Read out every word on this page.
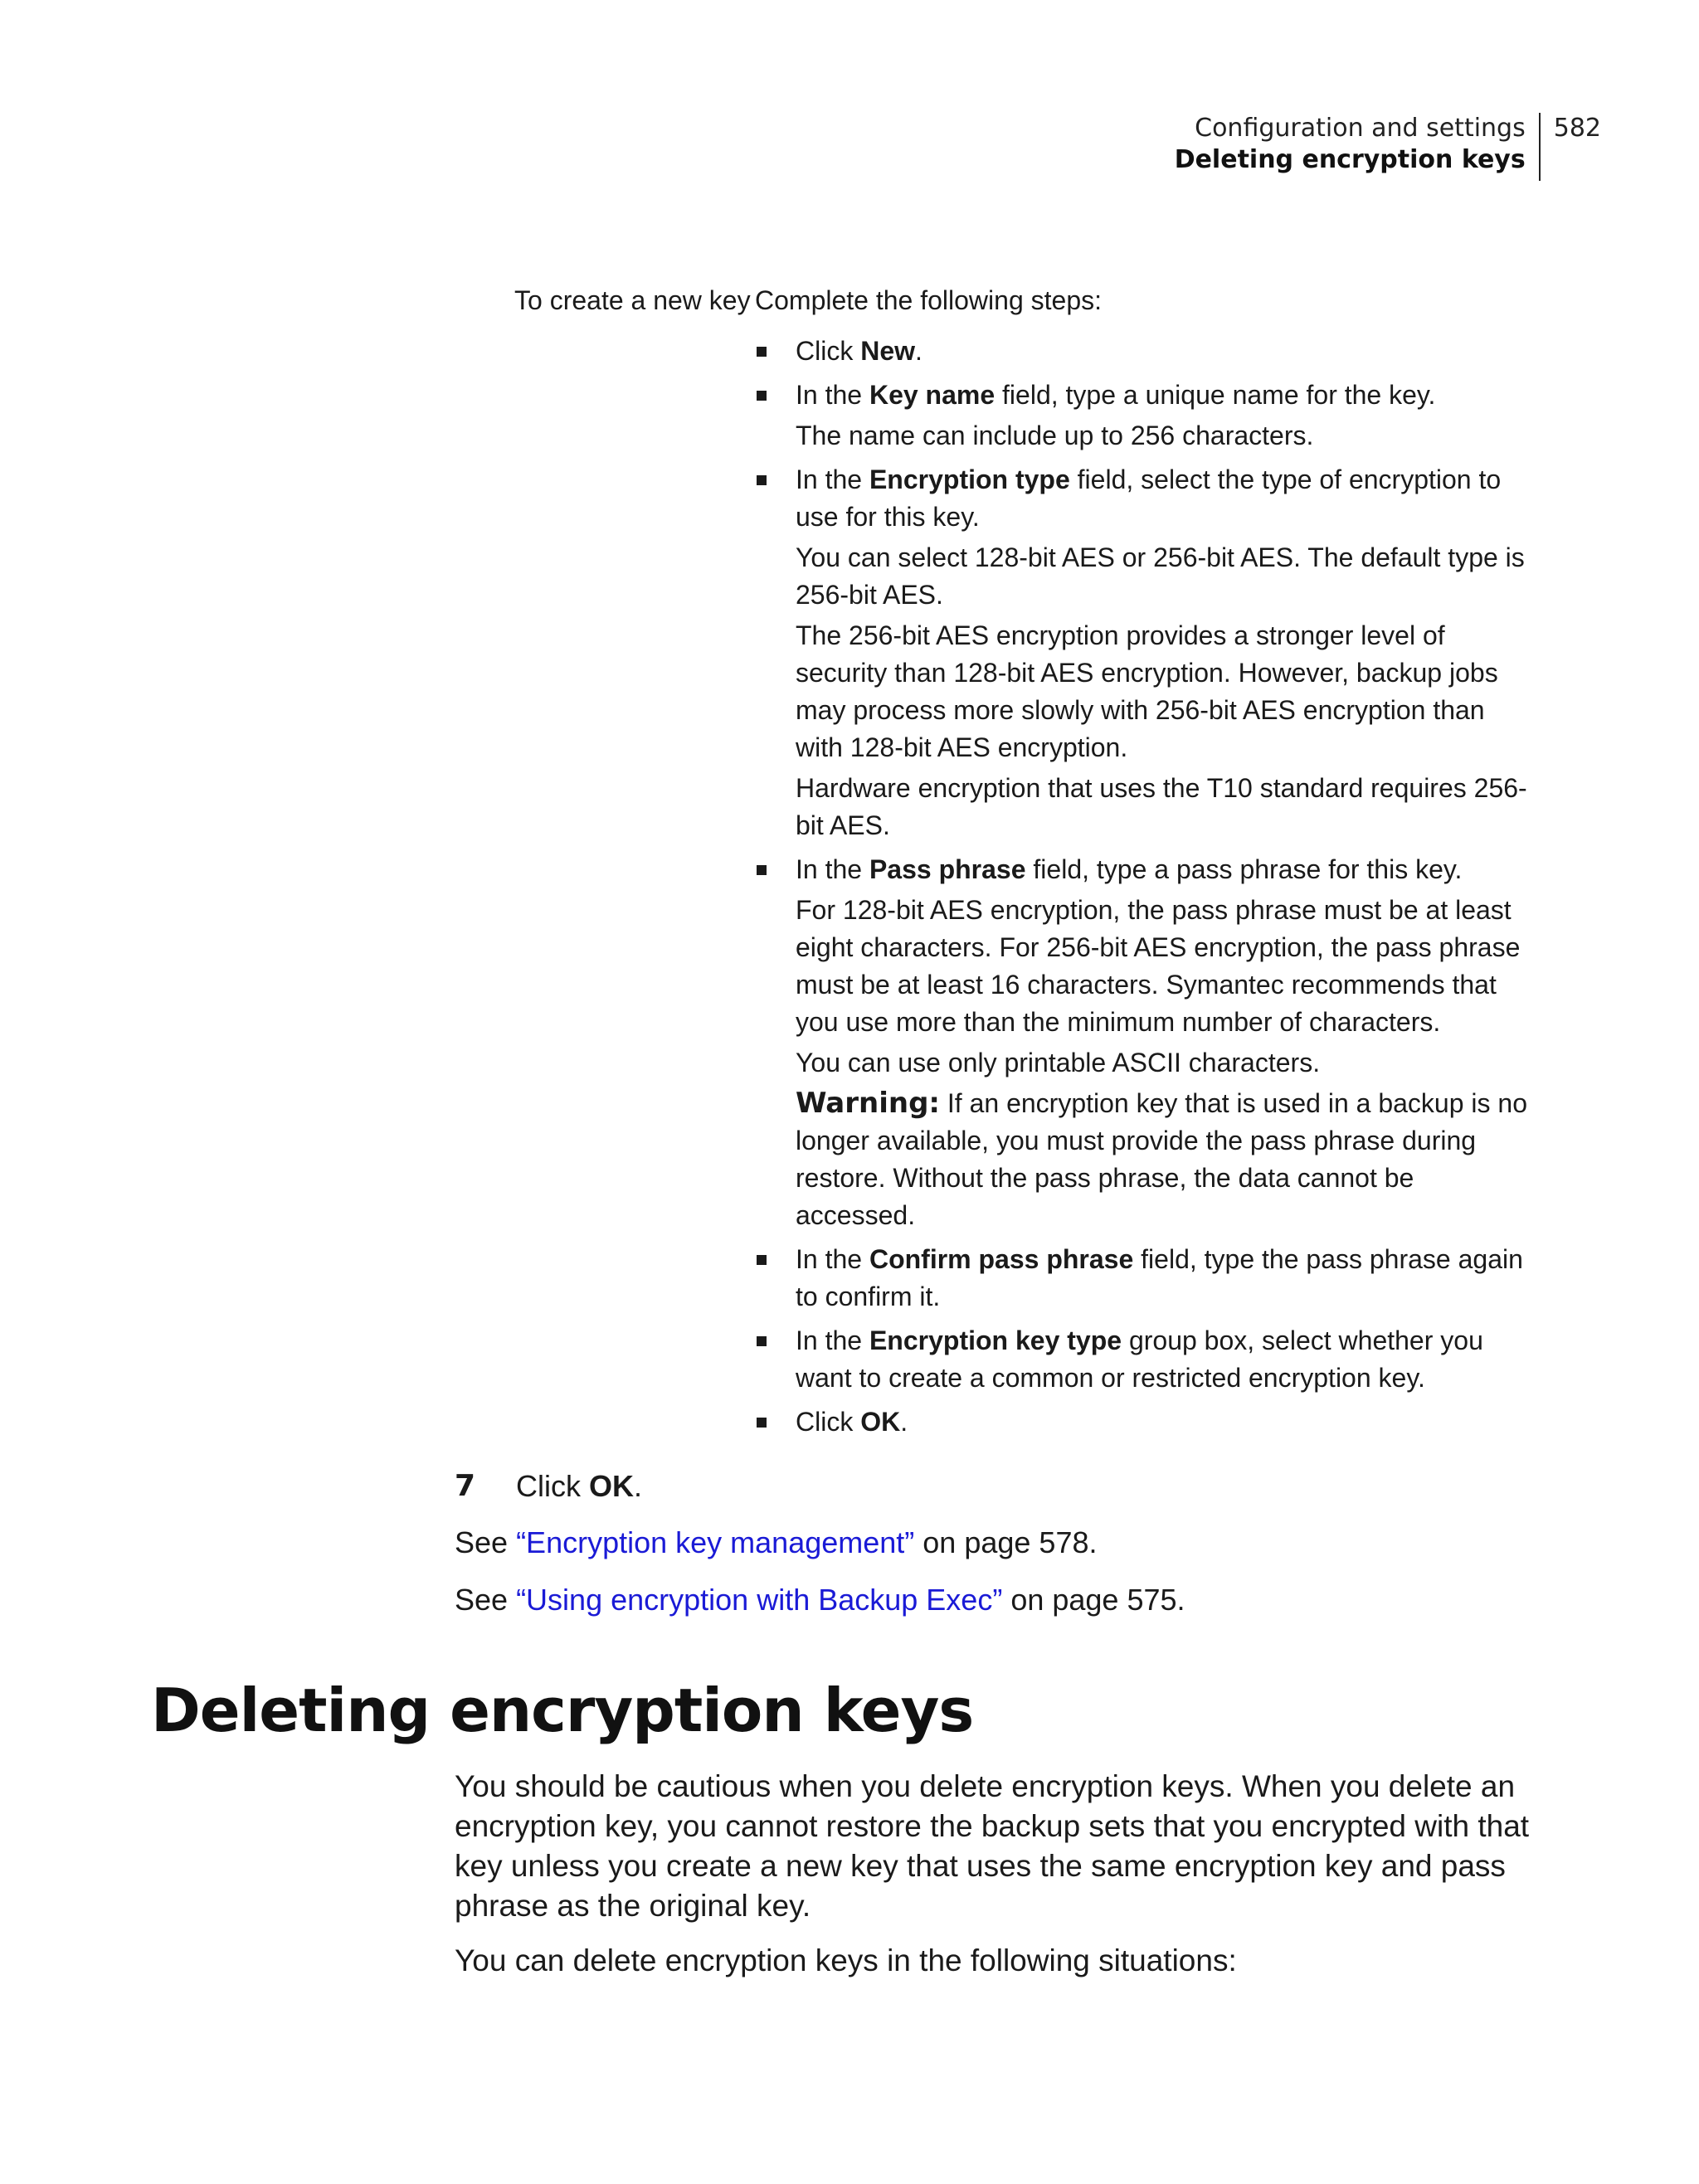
Configuration and settings
Deleting encryption keys
582
To create a new key Complete the following steps:

Click New.

In the Key name field, type a unique name for the key.

The name can include up to 256 characters.

In the Encryption type field, select the type of encryption to use for this key.

You can select 128-bit AES or 256-bit AES. The default type is 256-bit AES.

The 256-bit AES encryption provides a stronger level of security than 128-bit AES encryption. However, backup jobs may process more slowly with 256-bit AES encryption than with 128-bit AES encryption.

Hardware encryption that uses the T10 standard requires 256-bit AES.

In the Pass phrase field, type a pass phrase for this key.

For 128-bit AES encryption, the pass phrase must be at least eight characters. For 256-bit AES encryption, the pass phrase must be at least 16 characters. Symantec recommends that you use more than the minimum number of characters.

You can use only printable ASCII characters.

Warning: If an encryption key that is used in a backup is no longer available, you must provide the pass phrase during restore. Without the pass phrase, the data cannot be accessed.

In the Confirm pass phrase field, type the pass phrase again to confirm it.

In the Encryption key type group box, select whether you want to create a common or restricted encryption key.

Click OK.

7	Click OK.
See “Encryption key management” on page 578.
See “Using encryption with Backup Exec” on page 575.
Deleting encryption keys

You should be cautious when you delete encryption keys. When you delete an encryption key, you cannot restore the backup sets that you encrypted with that key unless you create a new key that uses the same encryption key and pass phrase as the original key.

You can delete encryption keys in the following situations:
